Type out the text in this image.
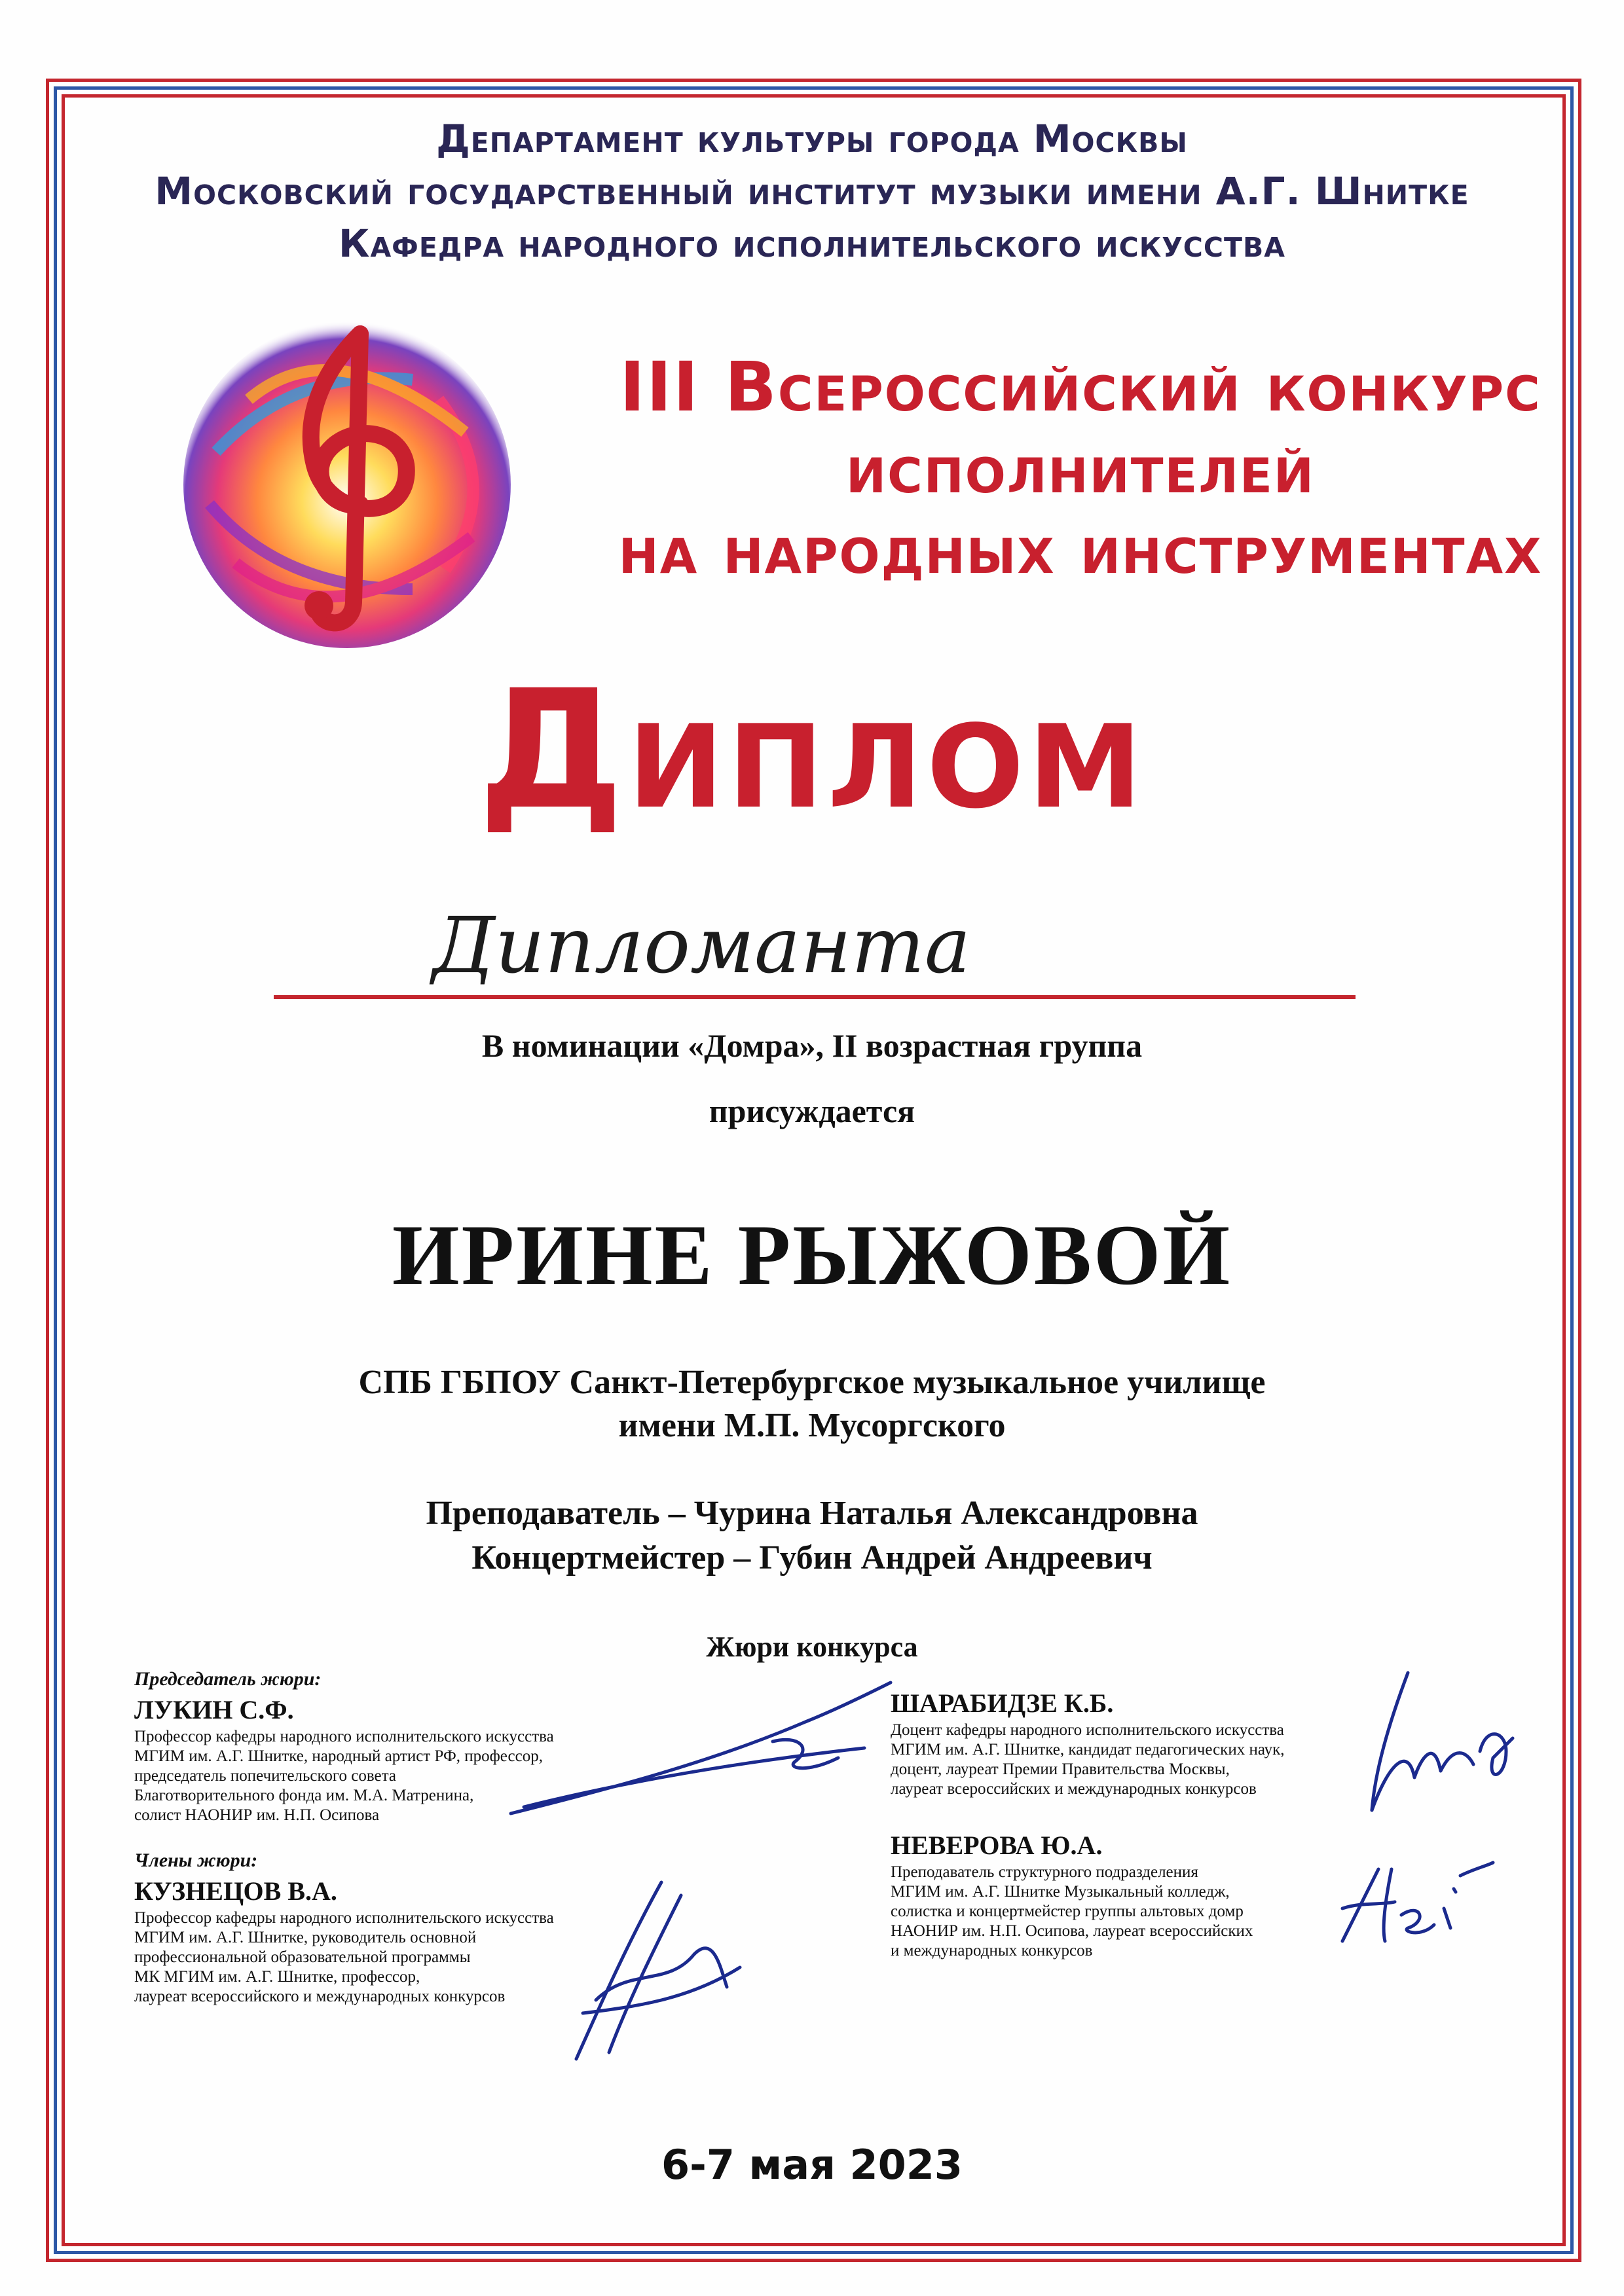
Департамент культуры города Москвы
Московский государственный институт музыки имени А.Г. Шнитке
Кафедра народного исполнительского искусства
III Всероссийский конкурс
исполнителей
на народных инструментах
Диплом
Дипломанта
В номинации «Домра», II возрастная группа
присуждается
ИРИНЕ РЫЖОВОЙ
СПБ ГБПОУ Санкт-Петербургское музыкальное училище
имени М.П. Мусоргского
Преподаватель – Чурина Наталья Александровна
Концертмейстер – Губин Андрей Андреевич
Жюри конкурса
Председатель жюри:
ЛУКИН С.Ф.
Профессор кафедры народного исполнительского искусства
МГИМ им. А.Г. Шнитке, народный артист РФ, профессор,
председатель попечительского совета
Благотворительного фонда им. М.А. Матренина,
солист НАОНИР им. Н.П. Осипова
Члены жюри:
КУЗНЕЦОВ В.А.
Профессор кафедры народного исполнительского искусства
МГИМ им. А.Г. Шнитке, руководитель основной
профессиональной образовательной программы
МК МГИМ им. А.Г. Шнитке, профессор,
лауреат всероссийского и международных конкурсов
ШАРАБИДЗЕ К.Б.
Доцент кафедры народного исполнительского искусства
МГИМ им. А.Г. Шнитке, кандидат педагогических наук,
доцент, лауреат Премии Правительства Москвы,
лауреат всероссийских и международных конкурсов
НЕВЕРОВА Ю.А.
Преподаватель структурного подразделения
МГИМ им. А.Г. Шнитке Музыкальный колледж,
солистка и концертмейстер группы альтовых домр
НАОНИР им. Н.П. Осипова, лауреат всероссийских
и международных конкурсов
6-7 мая 2023
